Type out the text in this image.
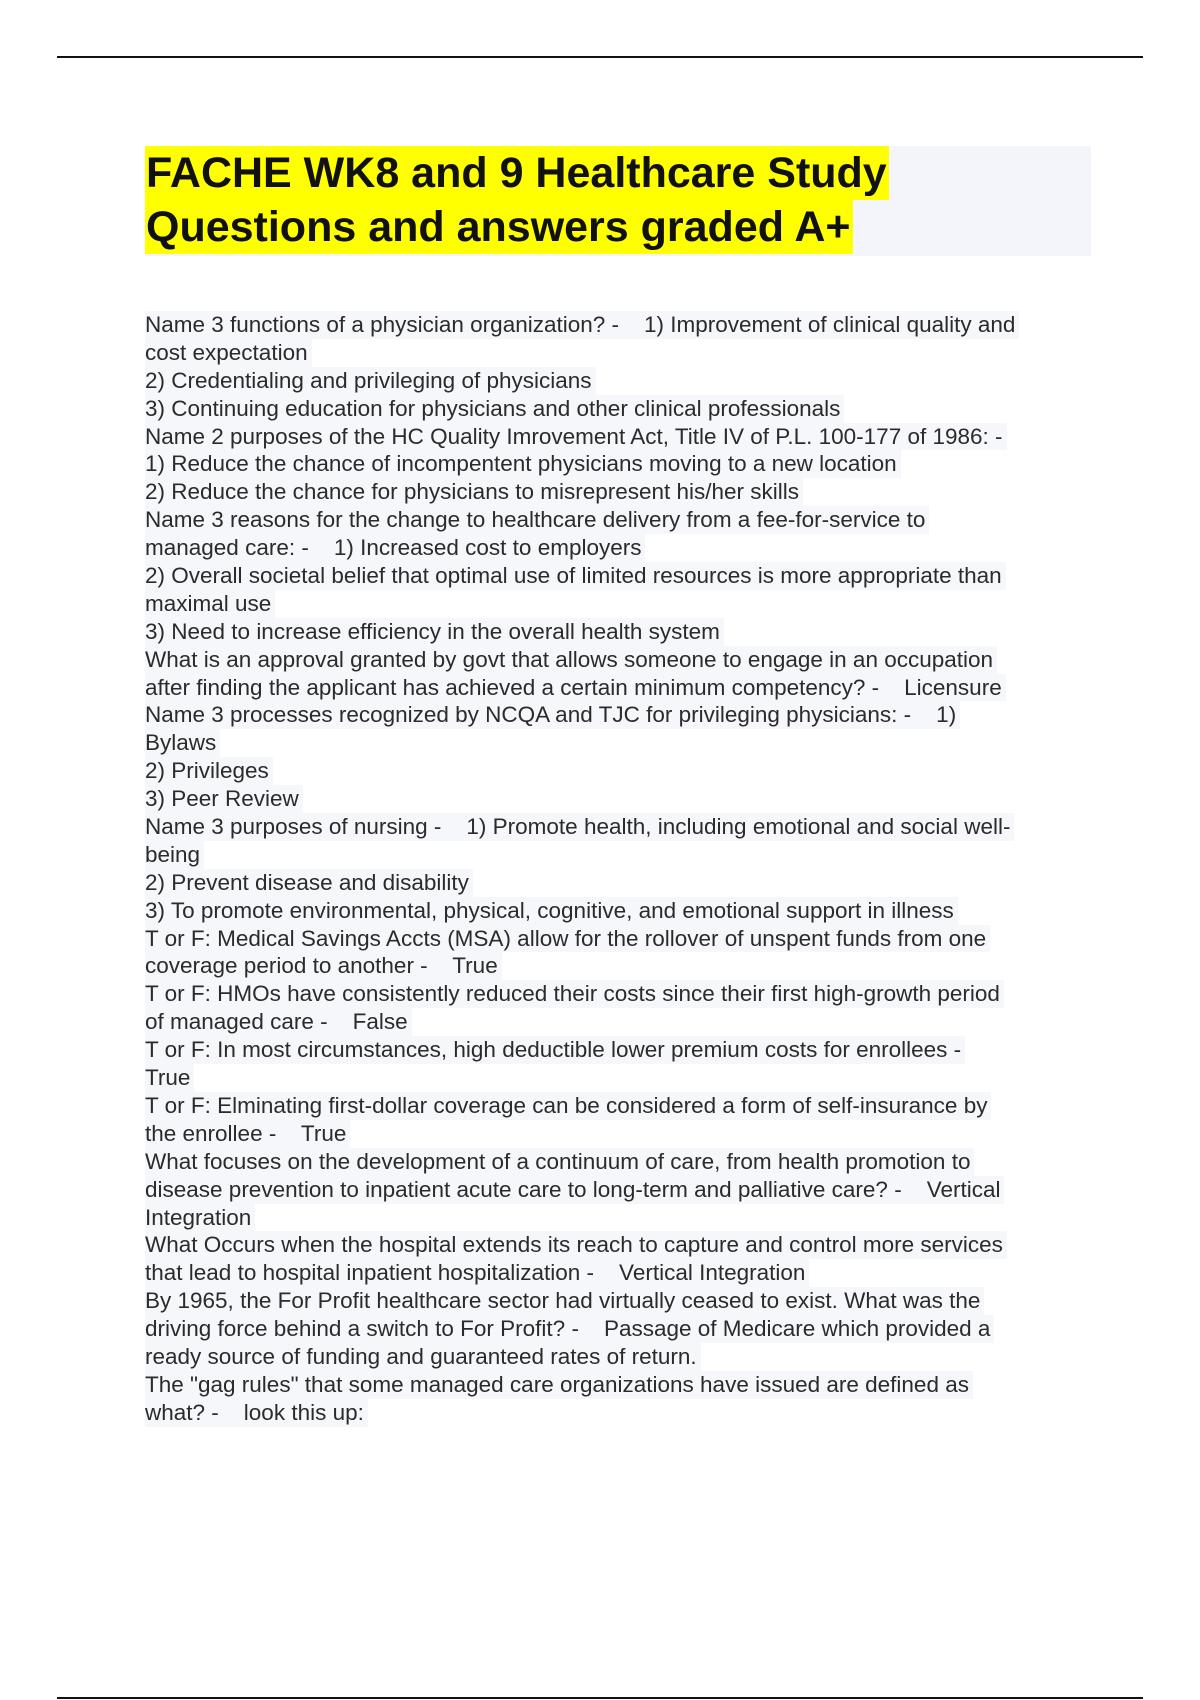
FACHE WK8 and 9 Healthcare Study
Questions and answers graded A+
Name 3 functions of a physician organization? -    1) Improvement of clinical quality and
cost expectation
2) Credentialing and privileging of physicians
3) Continuing education for physicians and other clinical professionals
Name 2 purposes of the HC Quality Imrovement Act, Title IV of P.L. 100-177 of 1986: -
1) Reduce the chance of incompentent physicians moving to a new location
2) Reduce the chance for physicians to misrepresent his/her skills
Name 3 reasons for the change to healthcare delivery from a fee-for-service to
managed care: -    1) Increased cost to employers
2) Overall societal belief that optimal use of limited resources is more appropriate than
maximal use
3) Need to increase efficiency in the overall health system
What is an approval granted by govt that allows someone to engage in an occupation
after finding the applicant has achieved a certain minimum competency? -    Licensure
Name 3 processes recognized by NCQA and TJC for privileging physicians: -    1)
Bylaws
2) Privileges
3) Peer Review
Name 3 purposes of nursing -    1) Promote health, including emotional and social well-
being
2) Prevent disease and disability
3) To promote environmental, physical, cognitive, and emotional support in illness
T or F: Medical Savings Accts (MSA) allow for the rollover of unspent funds from one
coverage period to another -    True
T or F: HMOs have consistently reduced their costs since their first high-growth period
of managed care -    False
T or F: In most circumstances, high deductible lower premium costs for enrollees -
True
T or F: Elminating first-dollar coverage can be considered a form of self-insurance by
the enrollee -    True
What focuses on the development of a continuum of care, from health promotion to
disease prevention to inpatient acute care to long-term and palliative care? -    Vertical
Integration
What Occurs when the hospital extends its reach to capture and control more services
that lead to hospital inpatient hospitalization -    Vertical Integration
By 1965, the For Profit healthcare sector had virtually ceased to exist. What was the
driving force behind a switch to For Profit? -    Passage of Medicare which provided a
ready source of funding and guaranteed rates of return.
The "gag rules" that some managed care organizations have issued are defined as
what? -    look this up:
